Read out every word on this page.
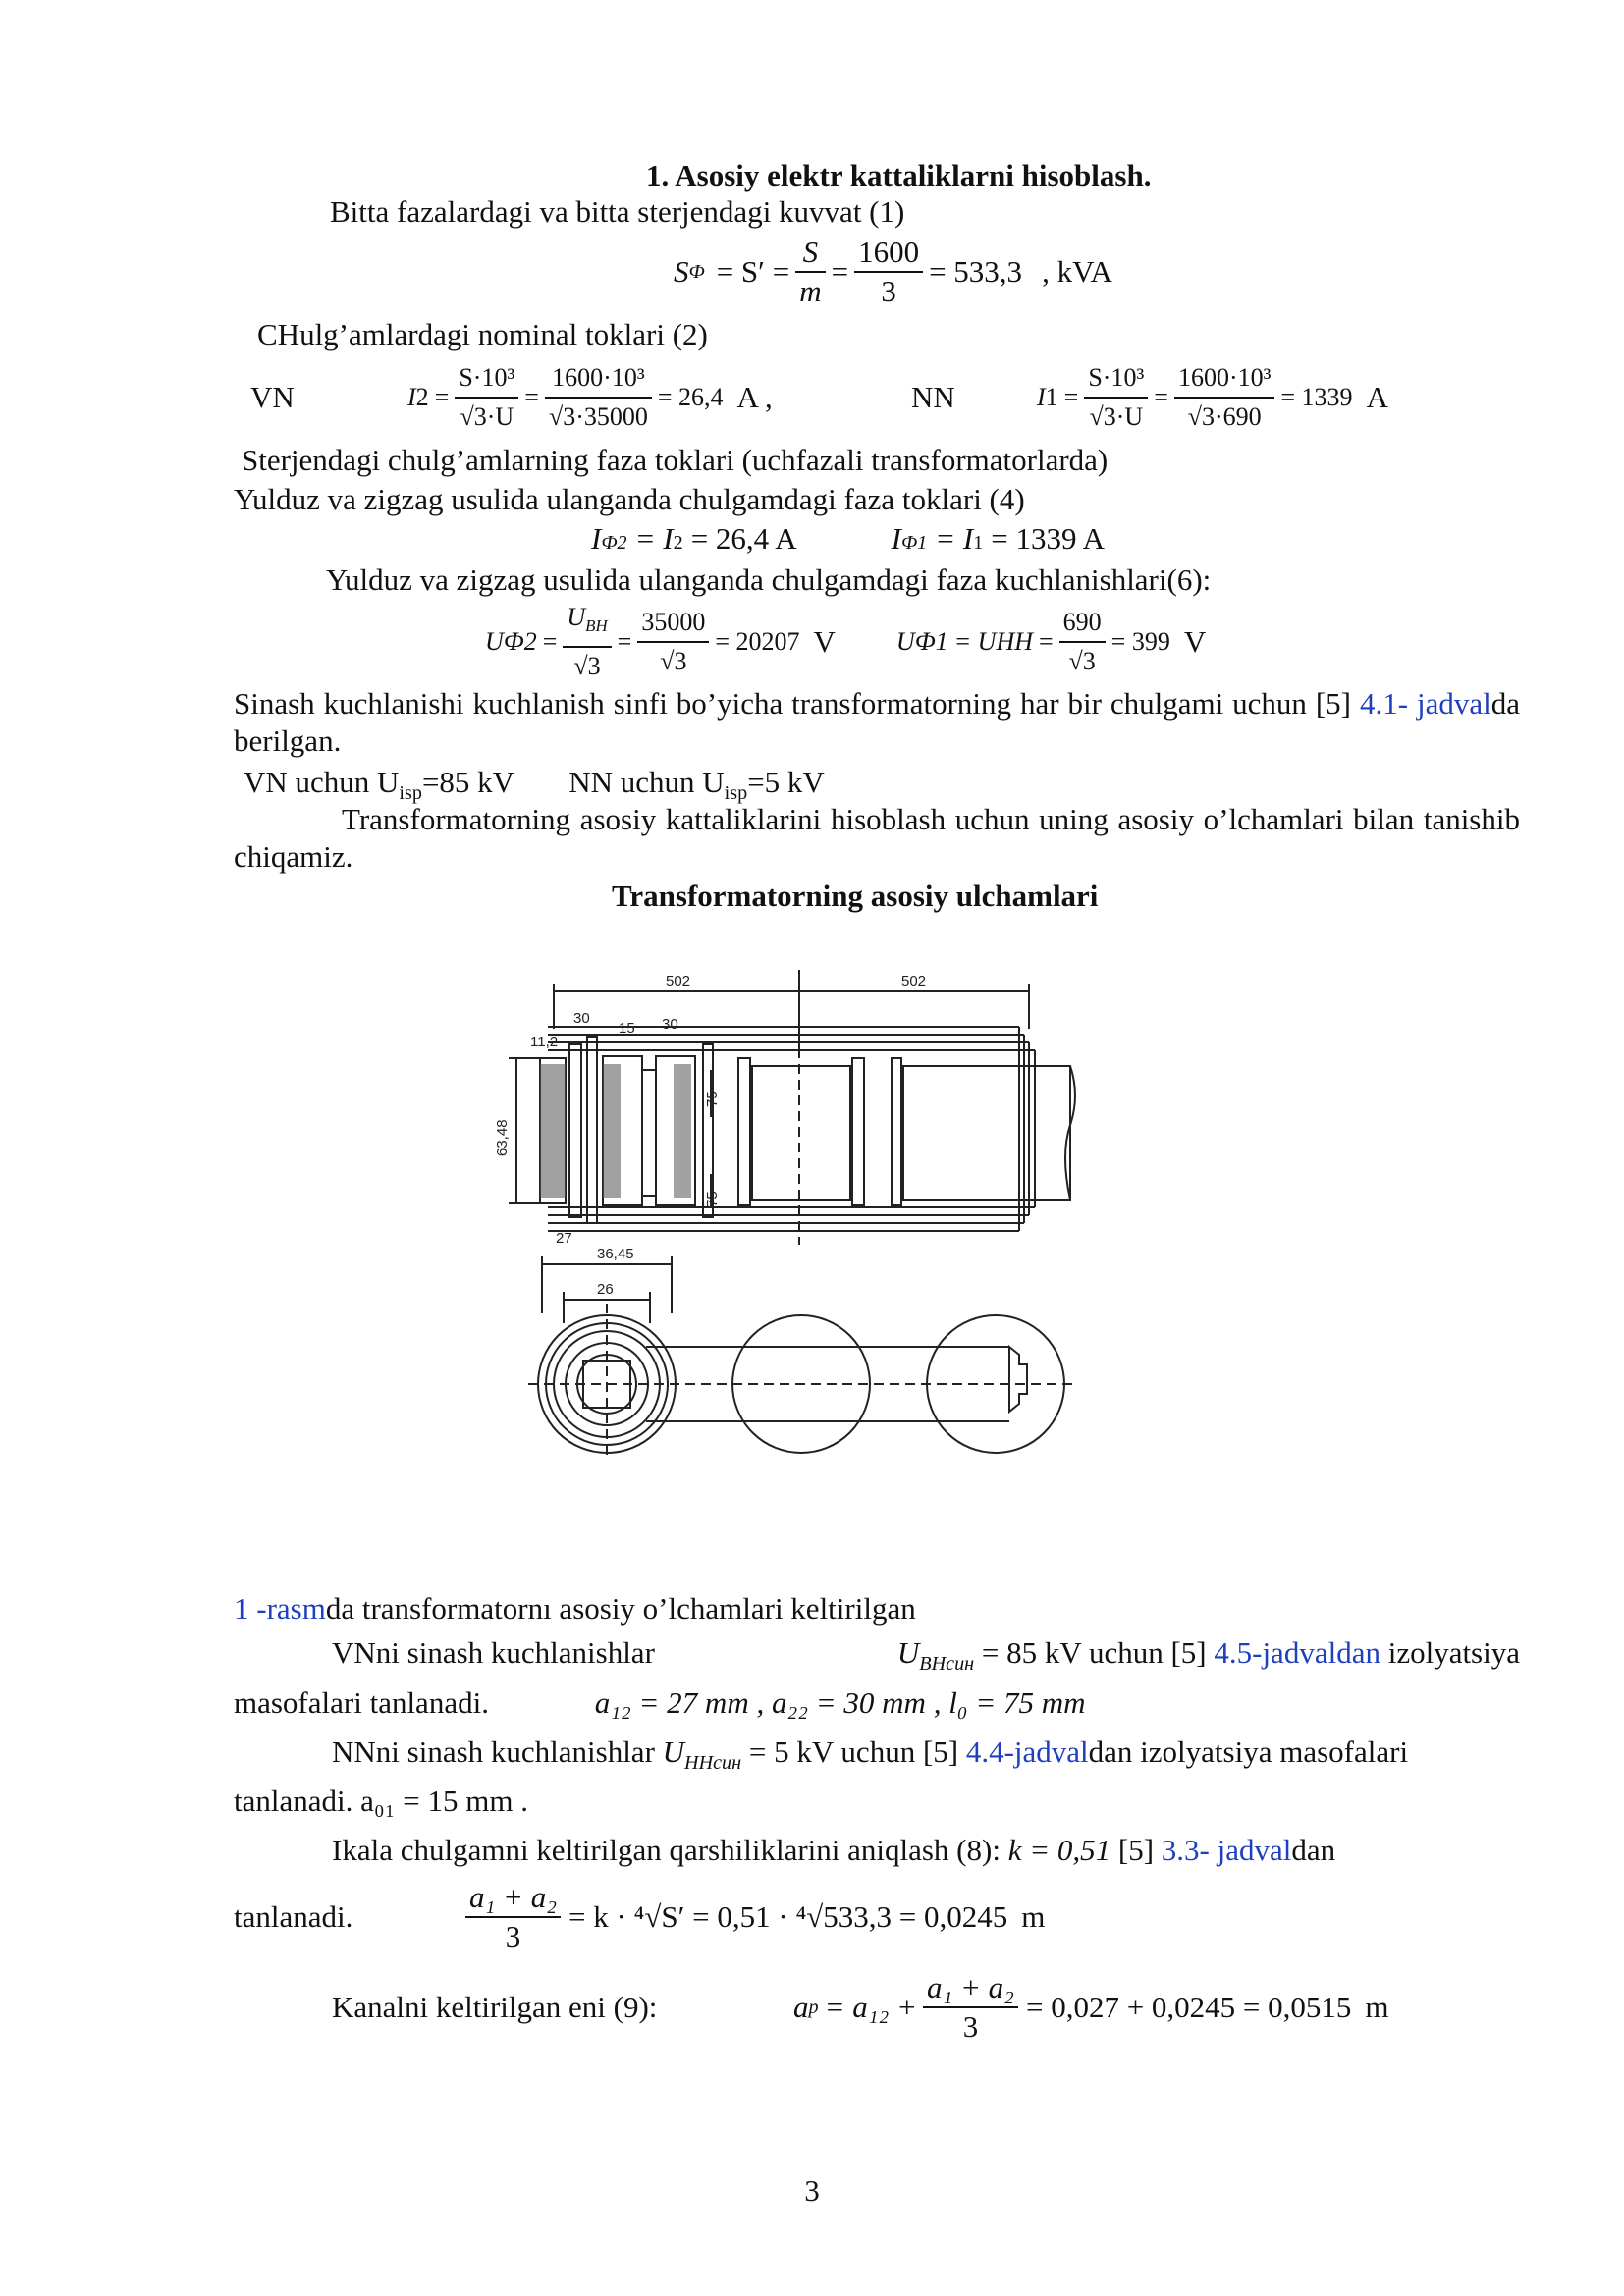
1. Asosiy elektr kattaliklarni hisoblash.
Bitta fazalardagi va bitta sterjendagi kuvvat (1)
S $Ф = S' = \frac{S}{m} = \frac{1600}{3} = 533,3$ , kVA
CHulg’amlardagi nominal toklari (2)
VN	I $2 = \frac{\text{S·10³}}{√3\cdot U} = \frac{\text{1600·10³}}{√3\cdot 35000} = 26,4$ A ,	NN	I $1 = \frac{\text{S·10³}}{√3\cdot U} = \frac{\text{1600·10³}}{√3\cdot 690} = 1339$ A
Sterjendagi chulg’amlarning faza toklari (uchfazali transformatorlarda)
Yulduz va zigzag usulida ulanganda chulgamdagi faza toklari (4)
I Ф2 = I 2 = 26,4 A	I Ф1 = I 1 = 1339 A
Yulduz va zigzag usulida ulanganda chulgamdagi faza kuchlanishlari(6):
U $Ф2 = \frac{U_{ВН}}{√3} = \frac{35000}{√3} = 20207$ V U Ф1 = U НН = $\frac{690}{√3} = 399$ V
Sinash kuchlanishi kuchlanish sinfi bo’yicha transformatorning har bir chulgami uchun [5] 4.1- jadvalda berilgan.
VN uchun $U_{isp}=85$ kV NN uchun $U_{isp}=5$ kV
Transformatorning asosiy kattaliklarini hisoblash uchun uning asosiy o’lchamlari bilan tanishib chiqamiz.
Transformatorning asosiy ulchamlari
502	502
30
15 30
11,2
75
63,48
75
27
36,45
26
1 -rasmda transformatornı asosiy o’lchamlari keltirilgan
VNni sinash kuchlanishlar	$U_{ВНсин} = 85$ kV uchun [5] 4.5-jadvaldan izolyatsiya
masofalari tanlanadi.	a₁₂ = 27 mm , a₂₂ = 30 mm , l₀ = 75 mm
NNni sinash kuchlanishlar $U_{ННсин} = 5$ kV uchun [5] 4.4-jadvaldan izolyatsiya masofalari
tanlanadi. a₀₁ = 15 mm .
Ikala chulgamni keltirilgan qarshiliklarini aniqlash (8): k = 0,51 [5] 3.3- jadvaldan
tanlanadi.	$\frac{\text{a₁ + a₂}}{3} = k \cdot ^4√S' = 0,51 \cdot ^4√533,3 = 0,0245$ m
Kanalni keltirilgan eni (9):	a $p = a_{12} + \frac{\text{a₁ + a₂}}{3} = 0,027 + 0,0245 = 0,0515$ m
3
